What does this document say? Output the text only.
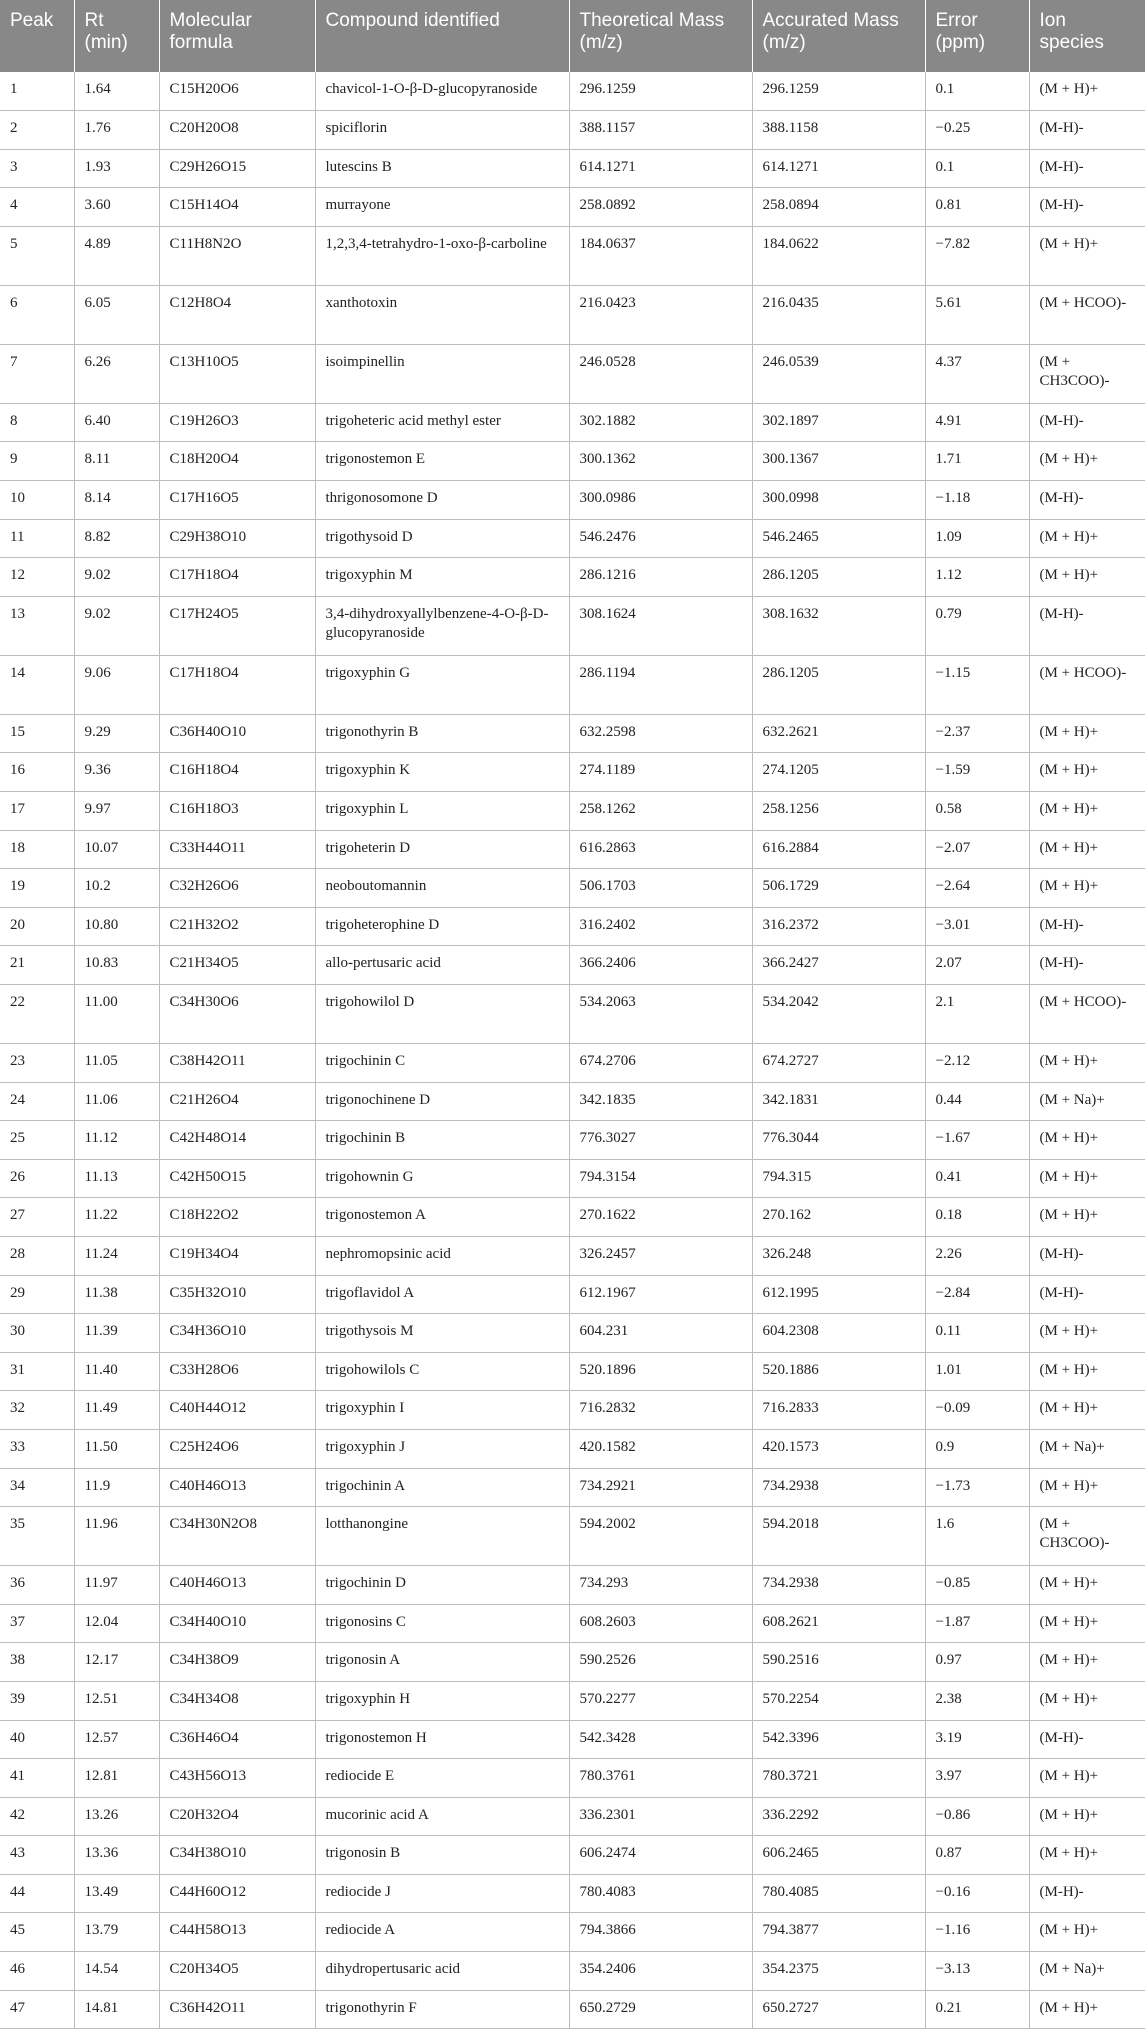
Peak	Rt (min)	Molecular formula	Compound identified	Theoretical Mass (m/z)	Accurated Mass (m/z)	Error (ppm)	Ion species
1	1.64	C15H20O6	chavicol-1-O-β-D-glucopyranoside	296.1259	296.1259	0.1	(M + H)+
2	1.76	C20H20O8	spiciflorin	388.1157	388.1158	−0.25	(M-H)-
3	1.93	C29H26O15	lutescins B	614.1271	614.1271	0.1	(M-H)-
4	3.60	C15H14O4	murrayone	258.0892	258.0894	0.81	(M-H)-
5	4.89	C11H8N2O	1,2,3,4-tetrahydro-1-oxo-β-carboline	184.0637	184.0622	−7.82	(M + H)+
6	6.05	C12H8O4	xanthotoxin	216.0423	216.0435	5.61	(M + HCOO)-
7	6.26	C13H10O5	isoimpinellin	246.0528	246.0539	4.37	(M + CH3COO)-
8	6.40	C19H26O3	trigoheteric acid methyl ester	302.1882	302.1897	4.91	(M-H)-
9	8.11	C18H20O4	trigonostemon E	300.1362	300.1367	1.71	(M + H)+
10	8.14	C17H16O5	thrigonosomone D	300.0986	300.0998	−1.18	(M-H)-
11	8.82	C29H38O10	trigothysoid D	546.2476	546.2465	1.09	(M + H)+
12	9.02	C17H18O4	trigoxyphin M	286.1216	286.1205	1.12	(M + H)+
13	9.02	C17H24O5	3,4-dihydroxyallylbenzene-4-O-β-D-glucopyranoside	308.1624	308.1632	0.79	(M-H)-
14	9.06	C17H18O4	trigoxyphin G	286.1194	286.1205	−1.15	(M + HCOO)-
15	9.29	C36H40O10	trigonothyrin B	632.2598	632.2621	−2.37	(M + H)+
16	9.36	C16H18O4	trigoxyphin K	274.1189	274.1205	−1.59	(M + H)+
17	9.97	C16H18O3	trigoxyphin L	258.1262	258.1256	0.58	(M + H)+
18	10.07	C33H44O11	trigoheterin D	616.2863	616.2884	−2.07	(M + H)+
19	10.2	C32H26O6	neoboutomannin	506.1703	506.1729	−2.64	(M + H)+
20	10.80	C21H32O2	trigoheterophine D	316.2402	316.2372	−3.01	(M-H)-
21	10.83	C21H34O5	allo-pertusaric acid	366.2406	366.2427	2.07	(M-H)-
22	11.00	C34H30O6	trigohowilol D	534.2063	534.2042	2.1	(M + HCOO)-
23	11.05	C38H42O11	trigochinin C	674.2706	674.2727	−2.12	(M + H)+
24	11.06	C21H26O4	trigonochinene D	342.1835	342.1831	0.44	(M + Na)+
25	11.12	C42H48O14	trigochinin B	776.3027	776.3044	−1.67	(M + H)+
26	11.13	C42H50O15	trigohownin G	794.3154	794.315	0.41	(M + H)+
27	11.22	C18H22O2	trigonostemon A	270.1622	270.162	0.18	(M + H)+
28	11.24	C19H34O4	nephromopsinic acid	326.2457	326.248	2.26	(M-H)-
29	11.38	C35H32O10	trigoflavidol A	612.1967	612.1995	−2.84	(M-H)-
30	11.39	C34H36O10	trigothysois M	604.231	604.2308	0.11	(M + H)+
31	11.40	C33H28O6	trigohowilols C	520.1896	520.1886	1.01	(M + H)+
32	11.49	C40H44O12	trigoxyphin I	716.2832	716.2833	−0.09	(M + H)+
33	11.50	C25H24O6	trigoxyphin J	420.1582	420.1573	0.9	(M + Na)+
34	11.9	C40H46O13	trigochinin A	734.2921	734.2938	−1.73	(M + H)+
35	11.96	C34H30N2O8	lotthanongine	594.2002	594.2018	1.6	(M + CH3COO)-
36	11.97	C40H46O13	trigochinin D	734.293	734.2938	−0.85	(M + H)+
37	12.04	C34H40O10	trigonosins C	608.2603	608.2621	−1.87	(M + H)+
38	12.17	C34H38O9	trigonosin A	590.2526	590.2516	0.97	(M + H)+
39	12.51	C34H34O8	trigoxyphin H	570.2277	570.2254	2.38	(M + H)+
40	12.57	C36H46O4	trigonostemon H	542.3428	542.3396	3.19	(M-H)-
41	12.81	C43H56O13	rediocide E	780.3761	780.3721	3.97	(M + H)+
42	13.26	C20H32O4	mucorinic acid A	336.2301	336.2292	−0.86	(M + H)+
43	13.36	C34H38O10	trigonosin B	606.2474	606.2465	0.87	(M + H)+
44	13.49	C44H60O12	rediocide J	780.4083	780.4085	−0.16	(M-H)-
45	13.79	C44H58O13	rediocide A	794.3866	794.3877	−1.16	(M + H)+
46	14.54	C20H34O5	dihydropertusaric acid	354.2406	354.2375	−3.13	(M + Na)+
47	14.81	C36H42O11	trigonothyrin F	650.2729	650.2727	0.21	(M + H)+
